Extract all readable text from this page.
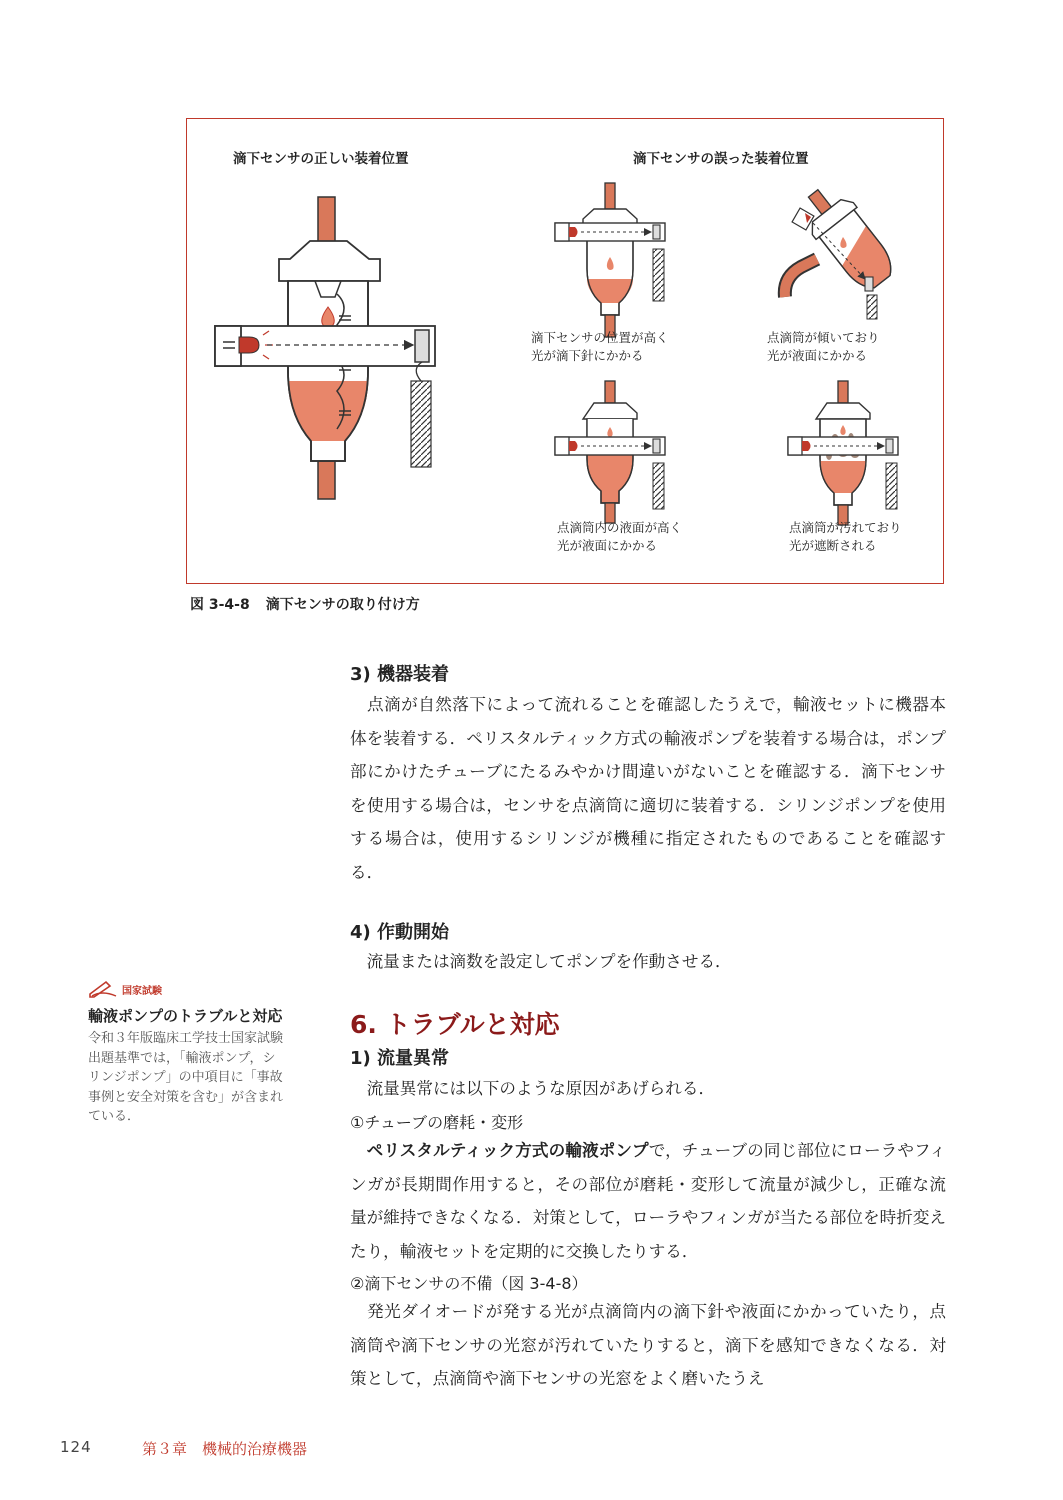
滴下センサの正しい装着位置	滴下センサの誤った装着位置
滴下センサの位置が高く
光が滴下針にかかる
点滴筒が傾いており
光が液面にかかる
点滴筒内の液面が高く
光が液面にかかる
点滴筒が汚れており
光が遮断される
図 3-4-8 滴下センサの取り付け方
3) 機器装着
点滴が自然落下によって流れることを確認したうえで，輸液セットに機器本体を装着する．ペリスタルティック方式の輸液ポンプを装着する場合は，ポンプ部にかけたチューブにたるみやかけ間違いがないことを確認する．滴下センサを使用する場合は，センサを点滴筒に適切に装着する．シリンジポンプを使用する場合は，使用するシリンジが機種に指定されたものであることを確認する．
4) 作動開始
流量または滴数を設定してポンプを作動させる．
6. トラブルと対応
1) 流量異常
流量異常には以下のような原因があげられる．
①チューブの磨耗・変形
ペリスタルティック方式の輸液ポンプで，チューブの同じ部位にローラやフィンガが長期間作用すると，その部位が磨耗・変形して流量が減少し，正確な流量が維持できなくなる．対策として，ローラやフィンガが当たる部位を時折変えたり，輸液セットを定期的に交換したりする．
②滴下センサの不備（図 3-4-8）
発光ダイオードが発する光が点滴筒内の滴下針や液面にかかっていたり，点滴筒や滴下センサの光窓が汚れていたりすると，滴下を感知できなくなる．対策として，点滴筒や滴下センサの光窓をよく磨いたうえ
国家試験
輸液ポンプのトラブルと対応
令和３年版臨床工学技士国家試験出題基準では，「輸液ポンプ，シリンジポンプ」の中項目に「事故事例と安全対策を含む」が含まれている．
124	第３章　機械的治療機器
